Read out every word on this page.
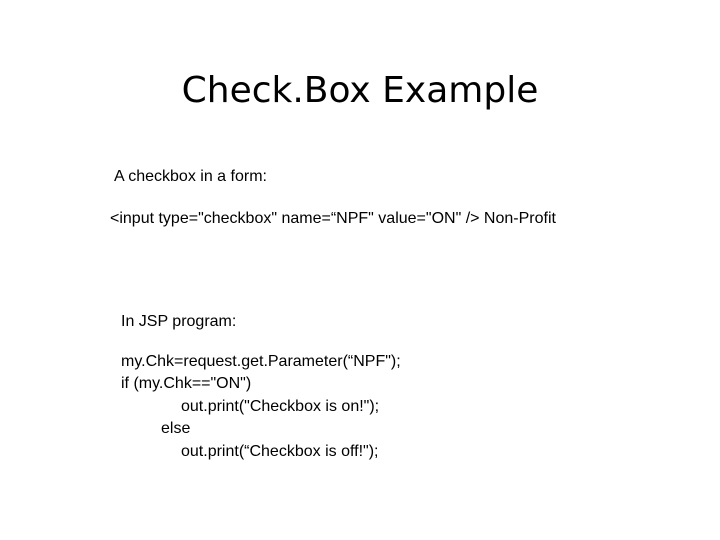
Check.Box Example
A checkbox in a form:
<input type="checkbox" name=“NPF" value="ON" /> Non-Profit
In JSP program:
my.Chk=request.get.Parameter(“NPF");
if (my.Chk=="ON")
out.print("Checkbox is on!");
else
out.print(“Checkbox is off!");
